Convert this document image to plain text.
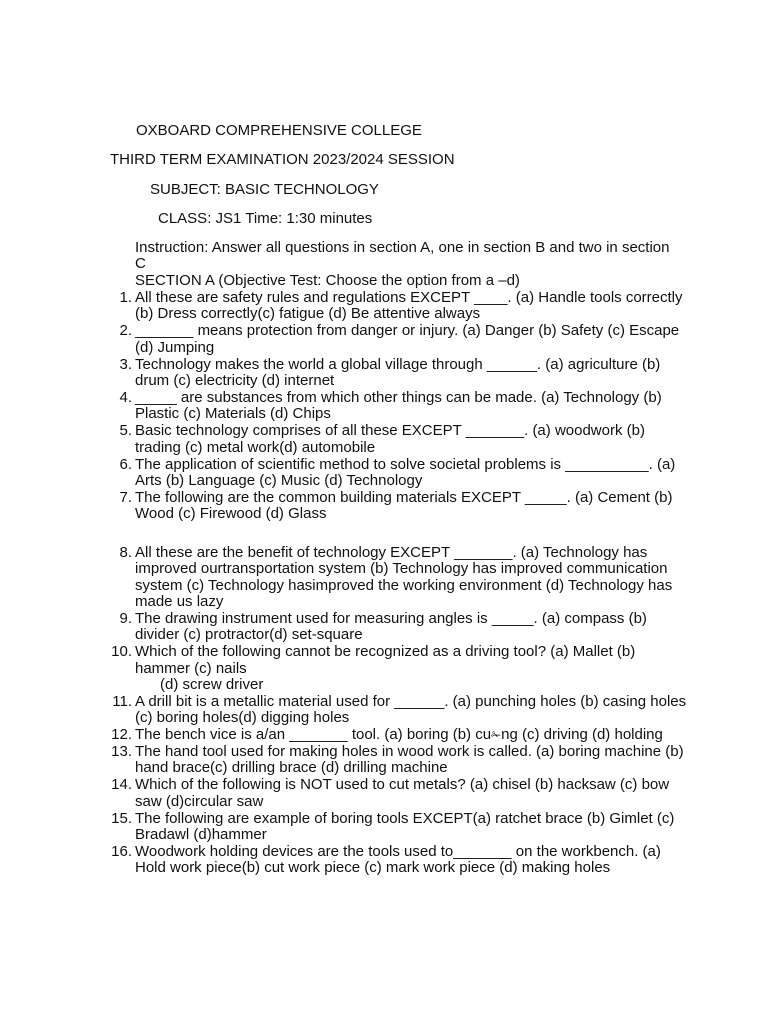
OXBOARD COMPREHENSIVE COLLEGE
THIRD TERM EXAMINATION 2023/2024 SESSION
SUBJECT: BASIC TECHNOLOGY
CLASS: JS1 Time: 1:30 minutes
Instruction: Answer all questions in section A, one in section B and two in section C
SECTION A (Objective Test: Choose the option from a –d)
1. All these are safety rules and regulations EXCEPT ____. (a) Handle tools correctly (b) Dress correctly(c) fatigue (d) Be attentive always
2. _______ means protection from danger or injury. (a) Danger (b) Safety (c) Escape (d) Jumping
3. Technology makes the world a global village through ______. (a) agriculture (b) drum (c) electricity (d) internet
4. _____ are substances from which other things can be made. (a) Technology (b) Plastic (c) Materials (d) Chips
5. Basic technology comprises of all these EXCEPT _______. (a) woodwork (b) trading (c) metal work(d) automobile
6. The application of scientific method to solve societal problems is __________. (a) Arts (b) Language (c) Music (d) Technology
7. The following are the common building materials EXCEPT _____. (a) Cement (b) Wood (c) Firewood (d) Glass
8. All these are the benefit of technology EXCEPT _______. (a) Technology has improved ourtransportation system (b) Technology has improved communication system (c) Technology hasimproved the working environment (d) Technology has made us lazy
9. The drawing instrument used for measuring angles is _____. (a) compass (b) divider (c) protractor(d) set-square
10. Which of the following cannot be recognized as a driving tool? (a) Mallet (b) hammer (c) nails
(d) screw driver
11. A drill bit is a metallic material used for ______. (a) punching holes (b) casing holes (c) boring holes(d) digging holes
12. The bench vice is a/an _______ tool. (a) boring (b) cu✁ng (c) driving (d) holding
13. The hand tool used for making holes in wood work is called. (a) boring machine (b) hand brace(c) drilling brace (d) drilling machine
14. Which of the following is NOT used to cut metals? (a) chisel (b) hacksaw (c) bow saw (d)circular saw
15. The following are example of boring tools EXCEPT(a) ratchet brace (b) Gimlet (c) Bradawl (d)hammer
16. Woodwork holding devices are the tools used to_______ on the workbench. (a) Hold work piece(b) cut work piece (c) mark work piece (d) making holes
